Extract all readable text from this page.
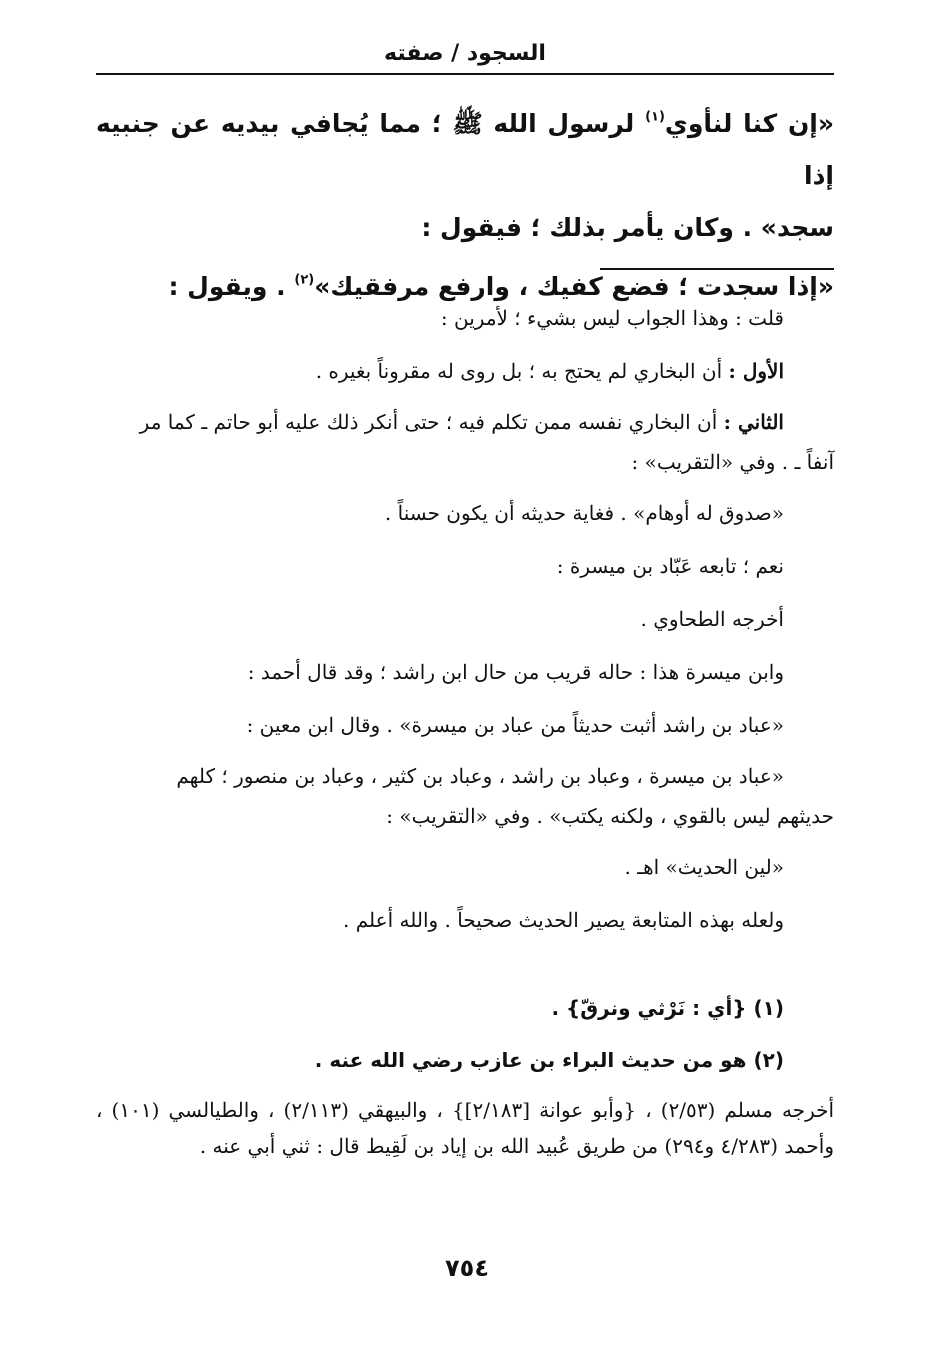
السجود / صفته

«إن كنا لنأوي$^{(١)}$ لرسول الله ﷺ ؛ مما يُجافي بيديه عن جنبيه إذا

سجد» . وكان يأمر بذلك ؛ فيقول :

«إذا سجدت ؛ فضع كفيك ، وارفع مرفقيك»$^{(٢)}$ . ويقول :

قلت : وهذا الجواب ليس بشيء ؛ لأمرين :

الأول : أن البخاري لم يحتج به ؛ بل روى له مقروناً بغيره .

الثاني : أن البخاري نفسه ممن تكلم فيه ؛ حتى أنكر ذلك عليه أبو حاتم ـ كما مر
آنفاً ـ . وفي «التقريب» :

«صدوق له أوهام» . فغاية حديثه أن يكون حسناً .

نعم ؛ تابعه عَبّاد بن ميسرة :

أخرجه الطحاوي .

وابن ميسرة هذا : حاله قريب من حال ابن راشد ؛ وقد قال أحمد :

«عباد بن راشد أثبت حديثاً من عباد بن ميسرة» . وقال ابن معين :

«عباد بن ميسرة ، وعباد بن راشد ، وعباد بن كثير ، وعباد بن منصور ؛ كلهم
حديثهم ليس بالقوي ، ولكنه يكتب» . وفي «التقريب» :

«لين الحديث» اهـ .

ولعله بهذه المتابعة يصير الحديث صحيحاً . والله أعلم .

(١) {أي : نَرْثي ونرقّ} .

(٢) هو من حديث البراء بن عازب رضي الله عنه .

أخرجه مسلم (٢/٥٣) ، {وأبو عوانة [٢/١٨٣]} ، والبيهقي (٢/١١٣) ، والطيالسي (١٠١) ، وأحمد (٤/٢٨٣ و٢٩٤) من طريق عُبيد الله بن إياد بن لَقِيط قال : ثني أبي عنه .

٧٥٤
